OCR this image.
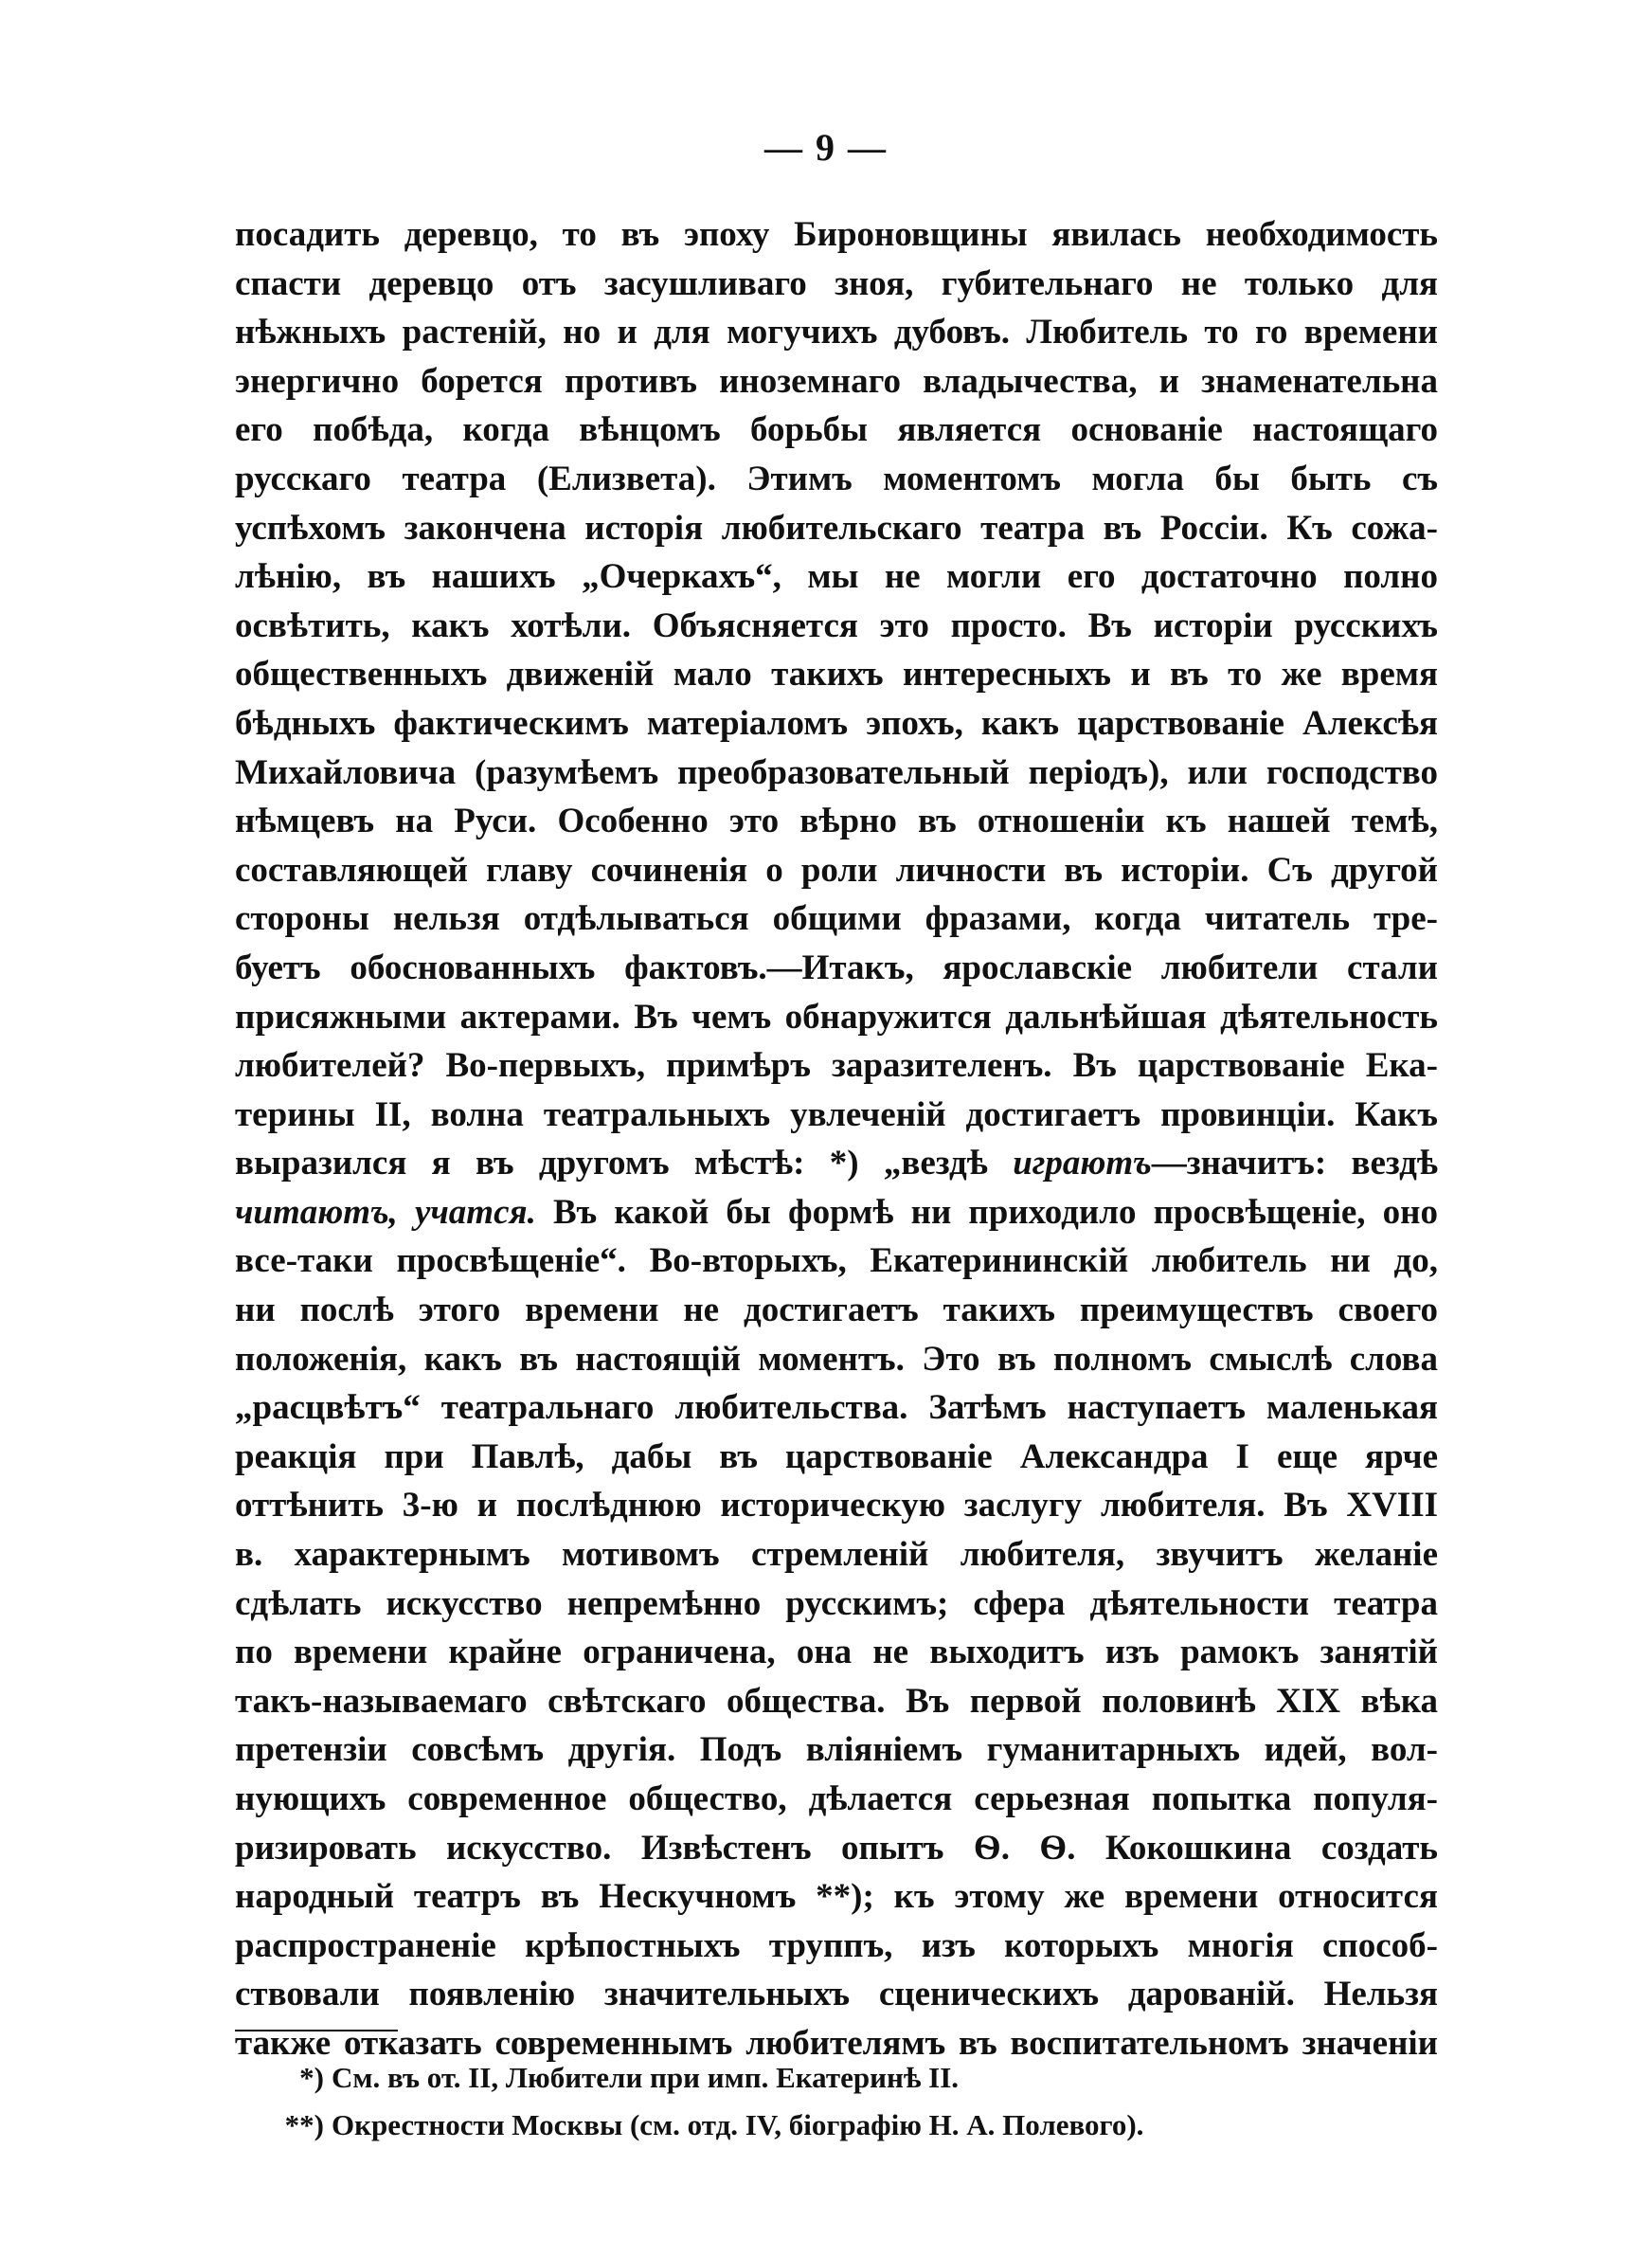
— 9 —
посадить деревцо, то въ эпоху Бироновщины явилась необходимость
спасти деревцо отъ засушливаго зноя, губительнаго не только для
нѣжныхъ растеній, но и для могучихъ дубовъ. Любитель то го времени
энергично борется противъ иноземнаго владычества, и знаменательна
его побѣда, когда вѣнцомъ борьбы является основаніе настоящаго
русскаго театра (Елизвета). Этимъ моментомъ могла бы быть съ
успѣхомъ закончена исторія любительскаго театра въ Россіи. Къ сожа-
лѣнію, въ нашихъ „Очеркахъ“, мы не могли его достаточно полно
освѣтить, какъ хотѣли. Объясняется это просто. Въ исторіи русскихъ
общественныхъ движеній мало такихъ интересныхъ и въ то же время
бѣдныхъ фактическимъ матеріаломъ эпохъ, какъ царствованіе Алексѣя
Михайловича (разумѣемъ преобразовательный періодъ), или господство
нѣмцевъ на Руси. Особенно это вѣрно въ отношеніи къ нашей темѣ,
составляющей главу сочиненія о роли личности въ исторіи. Съ другой
стороны нельзя отдѣлываться общими фразами, когда читатель тре-
буетъ обоснованныхъ фактовъ.—Итакъ, ярославскіе любители стали
присяжными актерами. Въ чемъ обнаружится дальнѣйшая дѣятельность
любителей? Во-первыхъ, примѣръ заразителенъ. Въ царствованіе Ека-
терины II, волна театральныхъ увлеченій достигаетъ провинціи. Какъ
выразился я въ другомъ мѣстѣ: *) „вездѣ играютъ—значитъ: вездѣ
читаютъ, учатся. Въ какой бы формѣ ни приходило просвѣщеніе, оно
все-таки просвѣщеніе“. Во-вторыхъ, Екатерининскій любитель ни до,
ни послѣ этого времени не достигаетъ такихъ преимуществъ своего
положенія, какъ въ настоящій моментъ. Это въ полномъ смыслѣ слова
„расцвѣтъ“ театральнаго любительства. Затѣмъ наступаетъ маленькая
реакція при Павлѣ, дабы въ царствованіе Александра I еще ярче
оттѣнить 3-ю и послѣднюю историческую заслугу любителя. Въ XVIII
в. характернымъ мотивомъ стремленій любителя, звучитъ желаніе
сдѣлать искусство непремѣнно русскимъ; сфера дѣятельности театра
по времени крайне ограничена, она не выходитъ изъ рамокъ занятій
такъ-называемаго свѣтскаго общества. Въ первой половинѣ XIX вѣка
претензіи совсѣмъ другія. Подъ вліяніемъ гуманитарныхъ идей, вол-
нующихъ современное общество, дѣлается серьезная попытка популя-
ризировать искусство. Извѣстенъ опытъ Ѳ. Ѳ. Кокошкина создать
народный театръ въ Нескучномъ **); къ этому же времени относится
распространеніе крѣпостныхъ труппъ, изъ которыхъ многія способ-
ствовали появленію значительныхъ сценическихъ дарованій. Нельзя
также отказать современнымъ любителямъ въ воспитательномъ значеніи
*) См. въ от. II, Любители при имп. Екатеринѣ II.
**) Окрестности Москвы (см. отд. IV, біографію Н. А. Полевого).
